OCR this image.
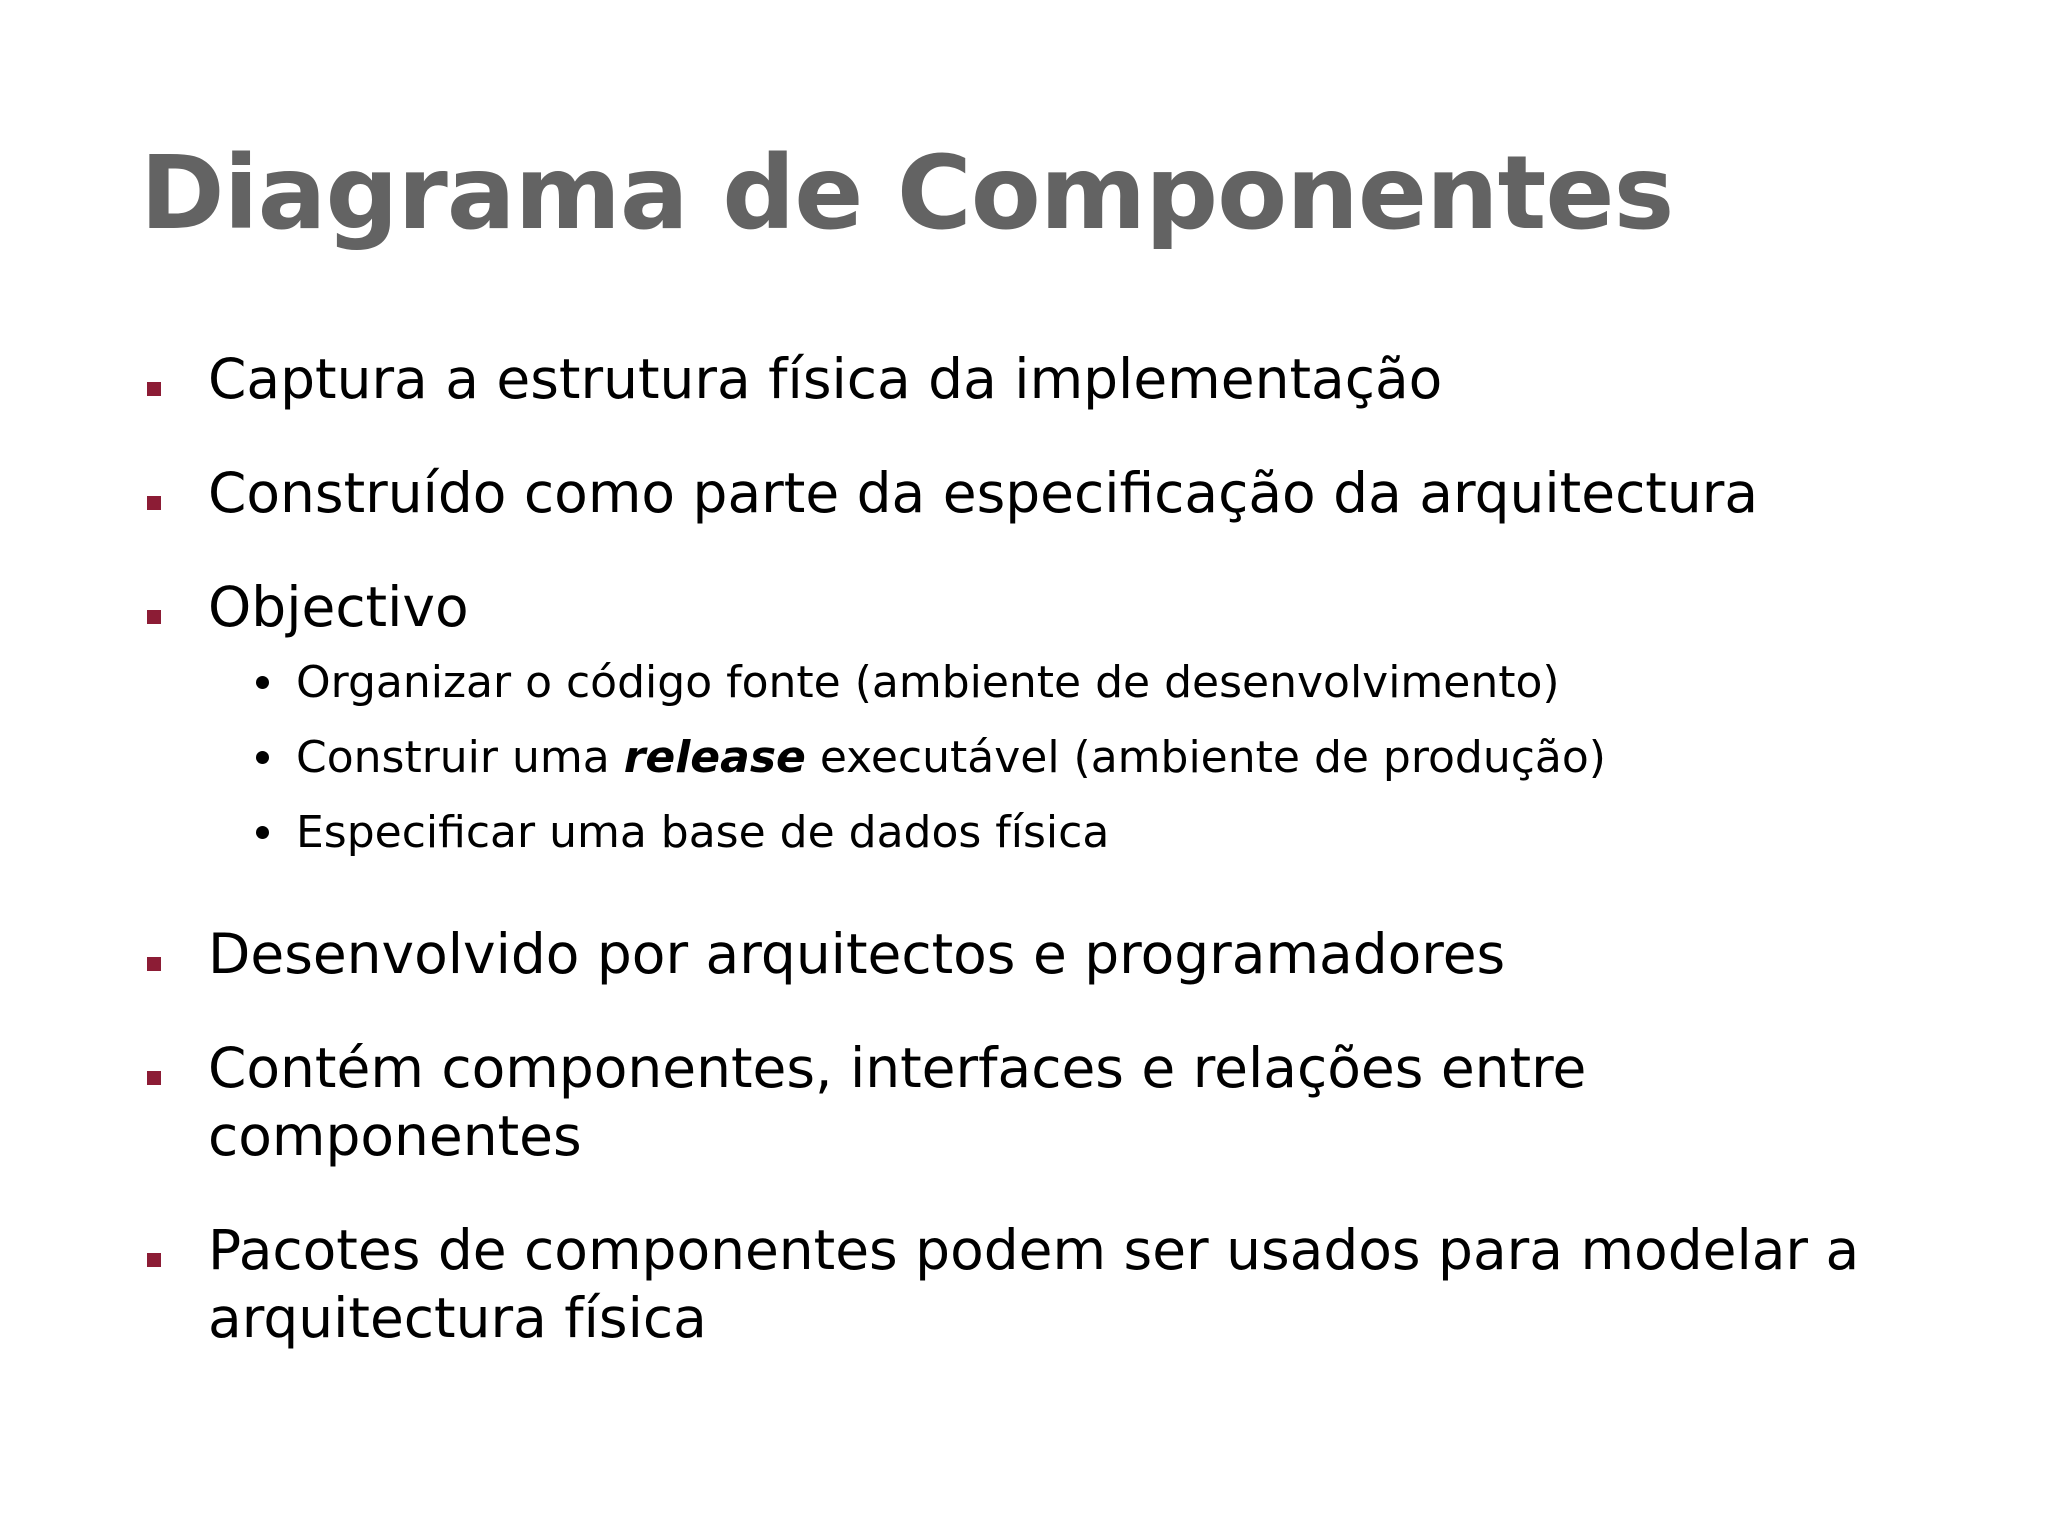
Diagrama de Componentes
Captura a estrutura física da implementação
Construído como parte da especificação da arquitectura
Objectivo
Organizar o código fonte (ambiente de desenvolvimento)
Construir uma release executável (ambiente de produção)
Especificar uma base de dados física
Desenvolvido por arquitectos e programadores
Contém componentes, interfaces e relações entre componentes
Pacotes de componentes podem ser usados para modelar a arquitectura física
